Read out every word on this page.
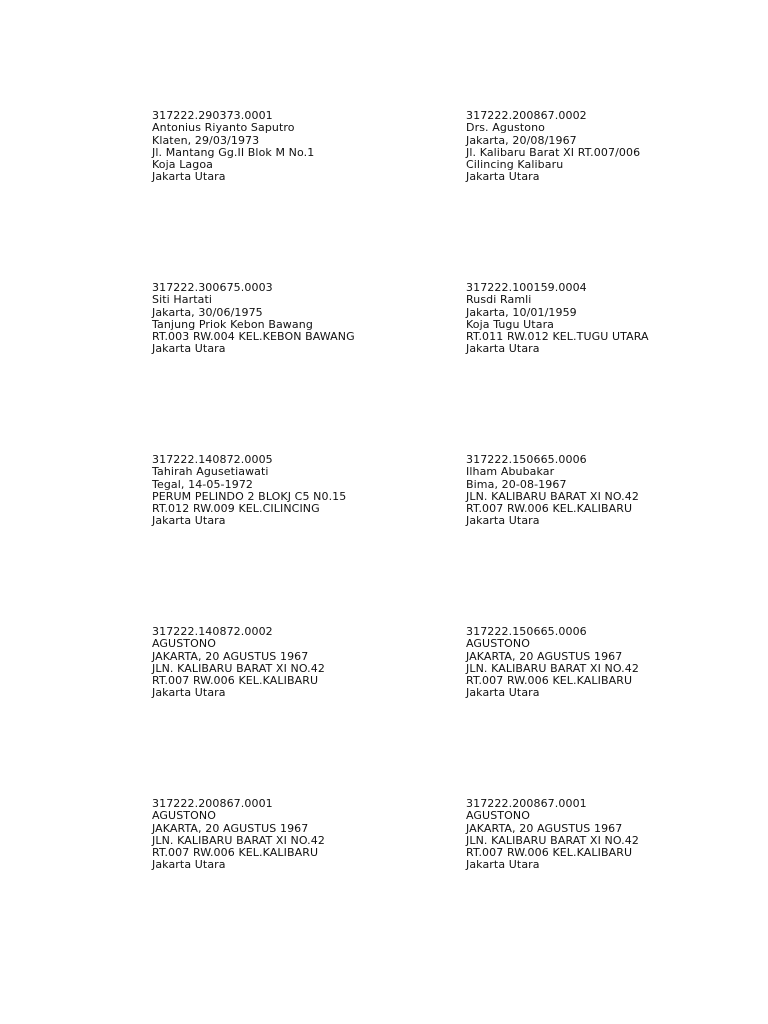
317222.290373.0001
Antonius Riyanto Saputro
Klaten, 29/03/1973
Jl. Mantang Gg.II Blok M No.1
Koja Lagoa
Jakarta Utara
317222.200867.0002
Drs. Agustono
Jakarta, 20/08/1967
Jl. Kalibaru Barat XI RT.007/006
Cilincing Kalibaru
Jakarta Utara
317222.300675.0003
Siti Hartati
Jakarta, 30/06/1975
Tanjung Priok Kebon Bawang
RT.003 RW.004 KEL.KEBON BAWANG
Jakarta Utara
317222.100159.0004
Rusdi Ramli
Jakarta, 10/01/1959
Koja Tugu Utara
RT.011 RW.012 KEL.TUGU UTARA
Jakarta Utara
317222.140872.0005
Tahirah Agusetiawati
Tegal, 14-05-1972
PERUM PELINDO 2 BLOKJ C5 N0.15
RT.012 RW.009 KEL.CILINCING
Jakarta Utara
317222.150665.0006
Ilham Abubakar
Bima, 20-08-1967
JLN. KALIBARU BARAT XI NO.42
RT.007 RW.006 KEL.KALIBARU
Jakarta Utara
317222.140872.0002
AGUSTONO
JAKARTA, 20 AGUSTUS 1967
JLN. KALIBARU BARAT XI NO.42
RT.007 RW.006 KEL.KALIBARU
Jakarta Utara
317222.150665.0006
AGUSTONO
JAKARTA, 20 AGUSTUS 1967
JLN. KALIBARU BARAT XI NO.42
RT.007 RW.006 KEL.KALIBARU
Jakarta Utara
317222.200867.0001
AGUSTONO
JAKARTA, 20 AGUSTUS 1967
JLN. KALIBARU BARAT XI NO.42
RT.007 RW.006 KEL.KALIBARU
Jakarta Utara
317222.200867.0001
AGUSTONO
JAKARTA, 20 AGUSTUS 1967
JLN. KALIBARU BARAT XI NO.42
RT.007 RW.006 KEL.KALIBARU
Jakarta Utara
